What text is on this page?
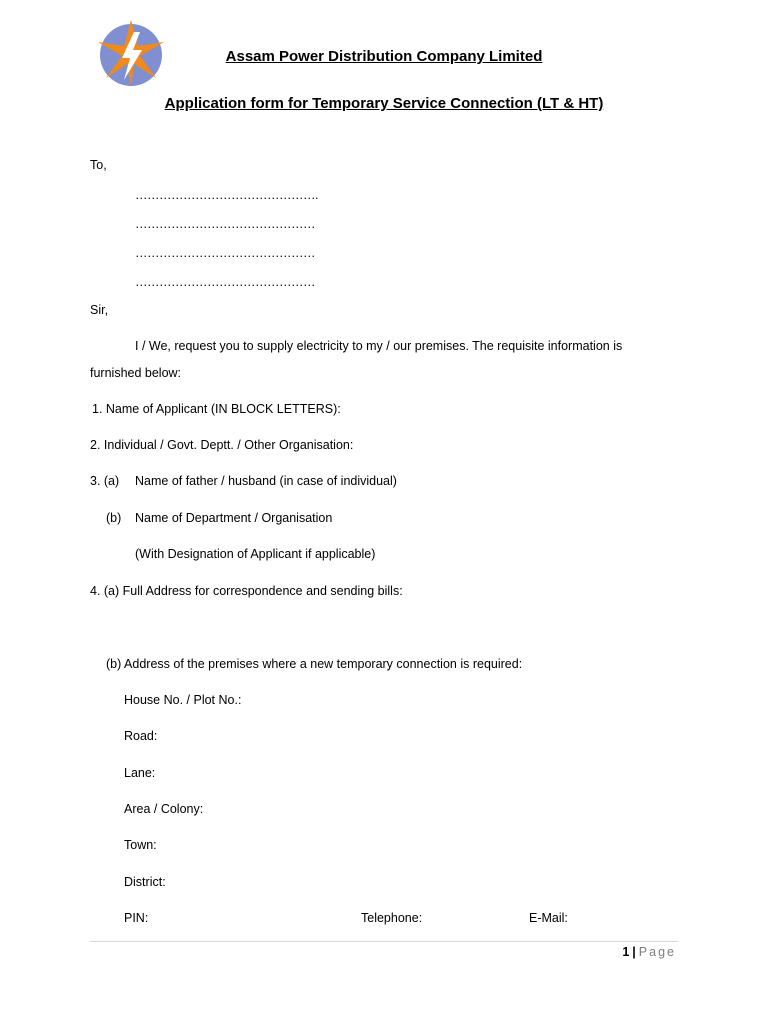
Assam Power Distribution Company Limited
Application form for Temporary Service Connection (LT & HT)
To,
……………………………………….
………………………………………
………………………………………
………………………………………
Sir,
I / We, request you to supply electricity to my / our premises. The requisite information is
furnished below:
1. Name of Applicant (IN BLOCK LETTERS):
2. Individual / Govt. Deptt. / Other Organisation:
3. (a) Name of father / husband (in case of individual)
(b) Name of Department / Organisation
(With Designation of Applicant if applicable)
4. (a) Full Address for correspondence and sending bills:
(b) Address of the premises where a new temporary connection is required:
House No. / Plot No.:
Road:
Lane:
Area / Colony:
Town:
District:
PIN:	Telephone:	E-Mail:
1 | Page
